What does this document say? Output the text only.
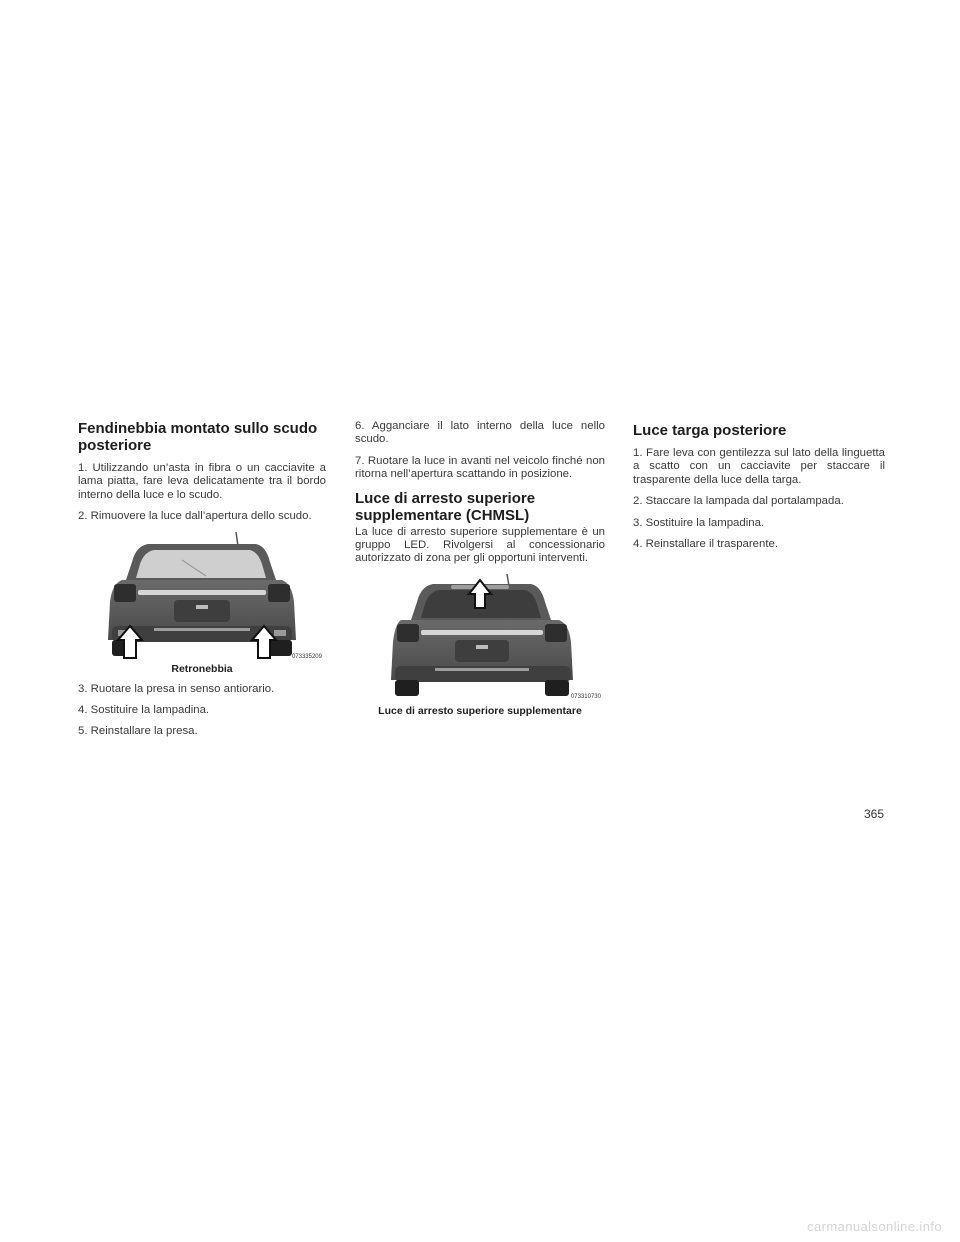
Fendinebbia montato sullo scudo posteriore

1. Utilizzando un’asta in fibra o un cacciavite a lama piatta, fare leva delicatamente tra il bordo interno della luce e lo scudo.

2. Rimuovere la luce dall’apertura dello scudo.

073335209
Retronebbia

3. Ruotare la presa in senso antiorario.

4. Sostituire la lampadina.

5. Reinstallare la presa.

6. Agganciare il lato interno della luce nello scudo.

7. Ruotare la luce in avanti nel veicolo finché non ritorna nell’apertura scattando in posizione.

Luce di arresto superiore supplementare (CHMSL)

La luce di arresto superiore supplementare è un gruppo LED. Rivolgersi al concessionario autorizzato di zona per gli opportuni interventi.

073310730
Luce di arresto superiore supplementare
Luce targa posteriore

1. Fare leva con gentilezza sul lato della linguetta a scatto con un cacciavite per staccare il trasparente della luce della targa.

2. Staccare la lampada dal portalampada.

3. Sostituire la lampadina.

4. Reinstallare il trasparente.

365
carmanualsonline.info
